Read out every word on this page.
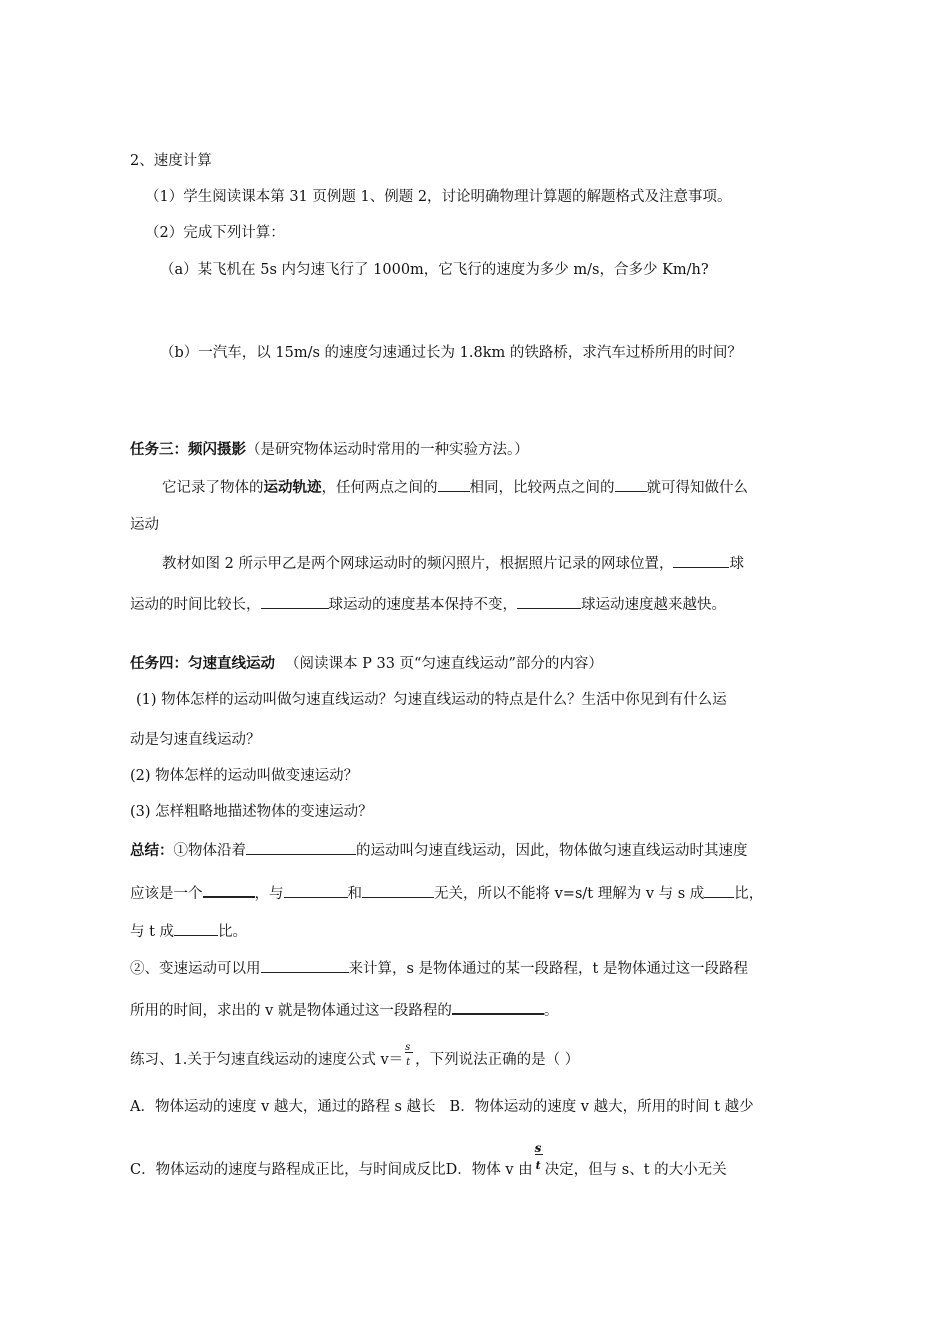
2、速度计算
（1）学生阅读课本第 31 页例题 1、例题 2，讨论明确物理计算题的解题格式及注意事项。
（2）完成下列计算：
（a）某飞机在 5s 内匀速飞行了 1000m，它飞行的速度为多少 m/s，合多少 Km/h?
（b）一汽车，以 15m/s 的速度匀速通过长为 1.8km 的铁路桥，求汽车过桥所用的时间？
任务三：频闪摄影（是研究物体运动时常用的一种实验方法。）
它记录了物体的运动轨迹，任何两点之间的 相同，比较两点之间的 就可得知做什么
运动
教材如图 2 所示甲乙是两个网球运动时的频闪照片，根据照片记录的网球位置，	球
运动的时间比较长，	球运动的速度基本保持不变，	球运动速度越来越快。
任务四：匀速直线运动 （阅读课本 P 33 页“匀速直线运动”部分的内容）
(1) 物体怎样的运动叫做匀速直线运动？匀速直线运动的特点是什么？生活中你见到有什么运
动是匀速直线运动？
(2) 物体怎样的运动叫做变速运动？
(3) 怎样粗略地描述物体的变速运动？
总结：①物体沿着	的运动叫匀速直线运动，因此，物体做匀速直线运动时其速度
应该是一个	，与	和	无关，所以不能将 v=s/t 理解为 v 与 s 成 比，
与 t 成	比。
②、变速运动可以用	来计算，s 是物体通过的某一段路程，t 是物体通过这一段路程
所用的时间，求出的 v 就是物体通过这一段路程的	。
练习、1.关于匀速直线运动的速度公式 $v= \frac{s}{t}$ ，下列说法正确的是（ ）
A．物体运动的速度 v 越大，通过的路程 s 越长 B．物体运动的速度 v 越大，所用的时间 t 越少
C．物体运动的速度与路程成正比，与时间成反比D．物体 v 由 $\frac{s}{t}$ 决定，但与 s、t 的大小无关
